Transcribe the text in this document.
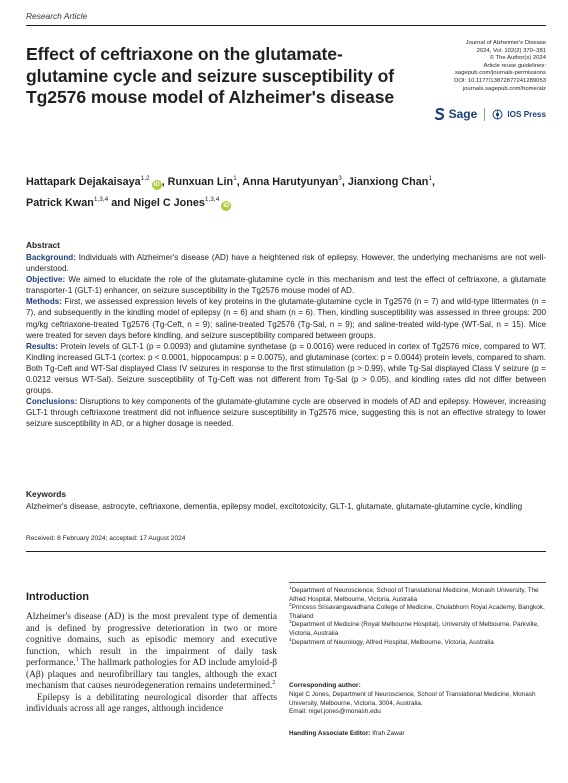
Research Article
Effect of ceftriaxone on the glutamate-glutamine cycle and seizure susceptibility of Tg2576 mouse model of Alzheimer's disease
Journal of Alzheimer's Disease
2024, Vol. 102(2) 370–381
© The Author(s) 2024
Article reuse guidelines:
sagepub.com/journals-permissions
DOI: 10.1177/13872877241289053
journals.sagepub.com/home/alz
Sage	IOS Press
Hattapark Dejakaisaya$^{1,2}$iD , Runxuan Lin$^1$, Anna Harutyunyan$^3$, Jianxiong Chan$^1$,
Patrick Kwan$^{1,3,4}$ and Nigel C Jones$^{1,3,4}$iD
Abstract

Background: Individuals with Alzheimer's disease (AD) have a heightened risk of epilepsy. However, the underlying mechanisms are not well-understood.

Objective: We aimed to elucidate the role of the glutamate-glutamine cycle in this mechanism and test the effect of ceftriaxone, a glutamate transporter-1 (GLT-1) enhancer, on seizure susceptibility in the Tg2576 mouse model of AD.

Methods: First, we assessed expression levels of key proteins in the glutamate-glutamine cycle in Tg2576 (n = 7) and wild-type littermates (n = 7), and subsequently in the kindling model of epilepsy (n = 6) and sham (n = 6). Then, kindling susceptibility was assessed in three groups: 200 mg/kg ceftriaxone-treated Tg2576 (Tg-Ceft, n = 9); saline-treated Tg2576 (Tg-Sal, n = 9); and saline-treated wild-type (WT-Sal, n = 15). Mice were treated for seven days before kindling, and seizure susceptibility compared between groups.

Results: Protein levels of GLT-1 (p = 0.0093) and glutamine synthetase (p = 0.0016) were reduced in cortex of Tg2576 mice, compared to WT. Kindling increased GLT-1 (cortex: p < 0.0001, hippocampus: p = 0.0075), and glutaminase (cortex: p = 0.0044) protein levels, compared to sham. Both Tg-Ceft and WT-Sal displayed Class IV seizures in response to the first stimulation (p > 0.99), while Tg-Sal displayed Class V seizure (p = 0.0212 versus WT-Sal). Seizure susceptibility of Tg-Ceft was not different from Tg-Sal (p > 0.05), and kindling rates did not differ between groups.

Conclusions: Disruptions to key components of the glutamate-glutamine cycle are observed in models of AD and epilepsy. However, increasing GLT-1 through ceftriaxone treatment did not influence seizure susceptibility in Tg2576 mice, suggesting this is not an effective strategy to lower seizure susceptibility in AD, or a higher dosage is needed.

Keywords
Alzheimer's disease, astrocyte, ceftriaxone, dementia, epilepsy model, excitotoxicity, GLT-1, glutamate, glutamate-glutamine cycle, kindling
Received: 8 February 2024; accepted: 17 August 2024
Introduction

Alzheimer's disease (AD) is the most prevalent type of dementia and is defined by progressive deterioration in two or more cognitive domains, such as episodic memory and executive function, which result in the impairment of daily task performance.$^1$ The hallmark pathologies for AD include amyloid-β (Aβ) plaques and neurofibrillary tau tangles, although the exact mechanism that causes neurodegeneration remains undetermined.$^2$

Epilepsy is a debilitating neurological disorder that affects individuals across all age ranges, although incidence

$^1$Department of Neuroscience, School of Translational Medicine, Monash University, The Alfred Hospital, Melbourne, Victoria, Australia
$^2$Princess Srisavangavadhana College of Medicine, Chulabhorn Royal Academy, Bangkok, Thailand
$^3$Department of Medicine (Royal Melbourne Hospital), University of Melbourne, Parkville, Victoria, Australia
$^4$Department of Neurology, Alfred Hospital, Melbourne, Victoria, Australia
Corresponding author:
Nigel C Jones, Department of Neuroscience, School of Translational Medicine, Monash University, Melbourne, Victoria, 3004, Australia.
Email: nigel.jones@monash.edu
Handling Associate Editor: Ifrah Zawar
